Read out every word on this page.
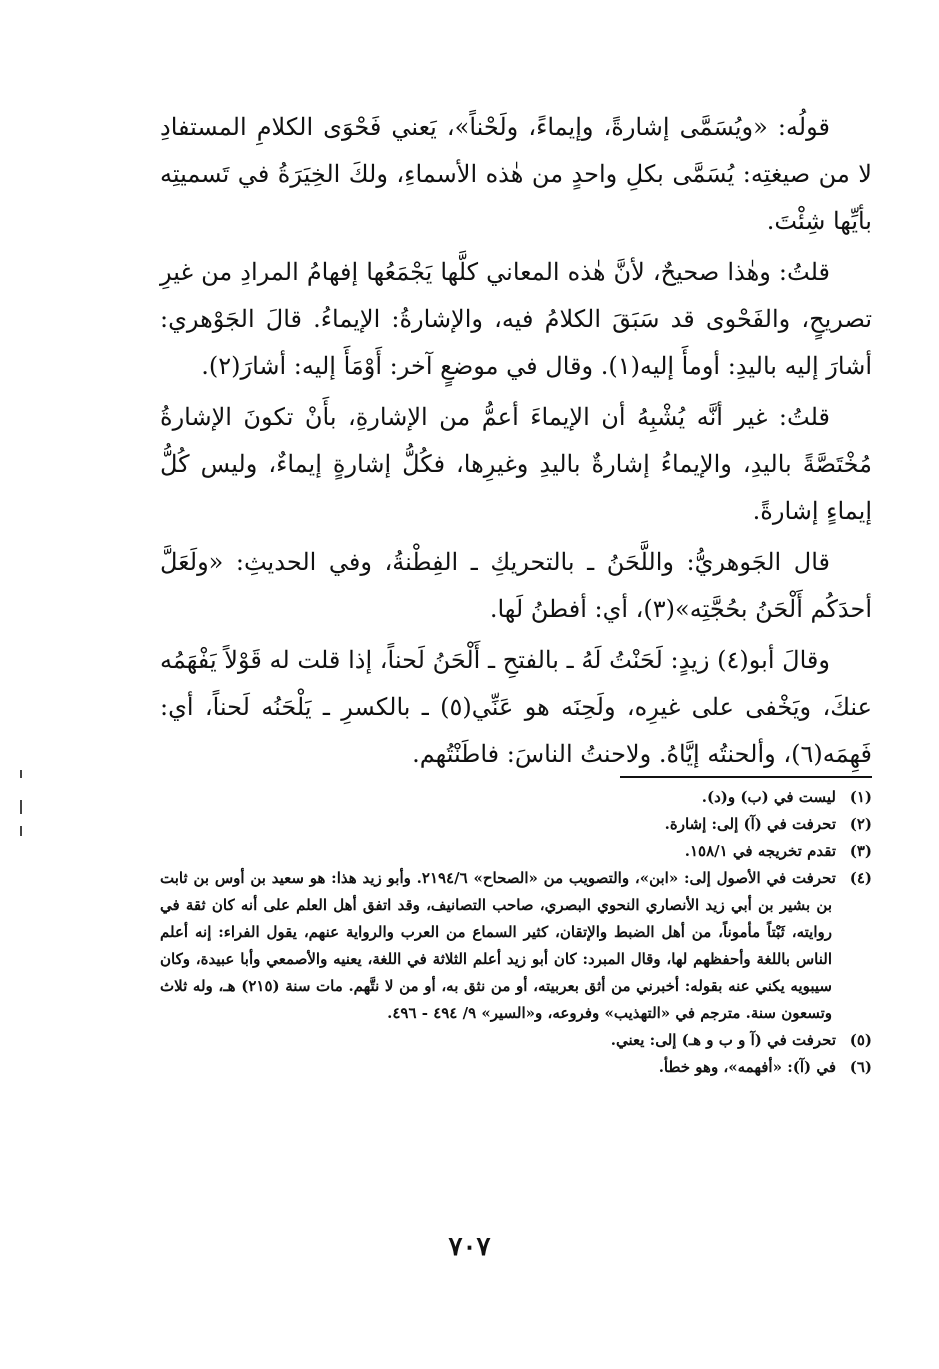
قولُه: «ويُسَمَّى إشارةً، وإيماءً، ولَحْناً»، يَعني فَحْوَى الكلامِ المستفادِ لا من صيغتِه: يُسَمَّى بكلِ واحدٍ من هٰذه الأسماءِ، ولكَ الخِيَرَةُ في تَسميتِه بأيِّها شِئْتَ.

قلتُ: وهٰذا صحيحٌ، لأنَّ هٰذه المعاني كلَّها يَجْمَعُها إفهامُ المرادِ من غيرِ تصريحٍ، والفَحْوى قد سَبَقَ الكلامُ فيه، والإشارةُ: الإيماءُ. قالَ الجَوْهري: أشارَ إليه باليدِ: أومأَ إليه(١). وقال في موضعٍ آخر: أَوْمَأَ إليه: أشارَ(٢).

قلتُ: غير أنَّه يُشْبِهُ أن الإيماءَ أعمُّ من الإشارةِ، بأَنْ تكونَ الإشارةُ مُخْتَصَّةً باليدِ، والإيماءُ إشارةٌ باليدِ وغيرِها، فكُلُّ إشارةٍ إيماءٌ، وليس كُلُّ إيماءٍ إشارةً.

قال الجَوهريُّ: واللَّحَنُ ـ بالتحريكِ ـ الفِطْنةُ، وفي الحديثِ: «ولَعَلَّ أحدَكُم أَلْحَنُ بحُجَّتِه»(٣)، أي: أفطنُ لَها.

وقالَ أبو(٤) زيدٍ: لَحَنْتُ لَهُ ـ بالفتحِ ـ أَلْحَنُ لَحناً، إذا قلت له قَوْلاً يَفْهَمُه عنكَ، ويَخْفى على غيرِه، ولَحِنَه هو عَنِّي(٥) ـ بالكسرِ ـ يَلْحَنُه لَحناً، أي: فَهِمَه(٦)، وألحنتُه إيَّاهُ. ولاحنتُ الناسَ: فاطَنْتُهم.

(١)ليست في (ب) و(د).

(٢)تحرفت في (آ) إلى: إشارة.

(٣)تقدم تخريجه في ١٥٨/١.

(٤)تحرفت في الأصول إلى: «ابن»، والتصويب من «الصحاح» ٢١٩٤/٦. وأبو زيد هذا: هو سعيد بن أوس بن ثابت بن بشير بن أبي زيد الأنصاري النحوي البصري، صاحب التصانيف، وقد اتفق أهل العلم على أنه كان ثقة في روايته، ثَبْتاً مأموناً، من أهل الضبط والإتقان، كثير السماع من العرب والرواية عنهم، يقول الفراء: إنه أعلم الناس باللغة وأحفظهم لها، وقال المبرد: كان أبو زيد أعلم الثلاثة في اللغة، يعنيه والأصمعي وأبا عبيدة، وكان سيبويه يكني عنه بقوله: أخبرني من أثق بعربيته، أو من نثق به، أو من لا نتَّهم. مات سنة (٢١٥) هـ، وله ثلاث وتسعون سنة. مترجم في «التهذيب» وفروعه، و«السير» ٩/ ٤٩٤ - ٤٩٦.

(٥)تحرفت في (آ و ب و هـ) إلى: يعني.

(٦)في (آ): «أفهمه»، وهو خطأ.

٧٠٧
